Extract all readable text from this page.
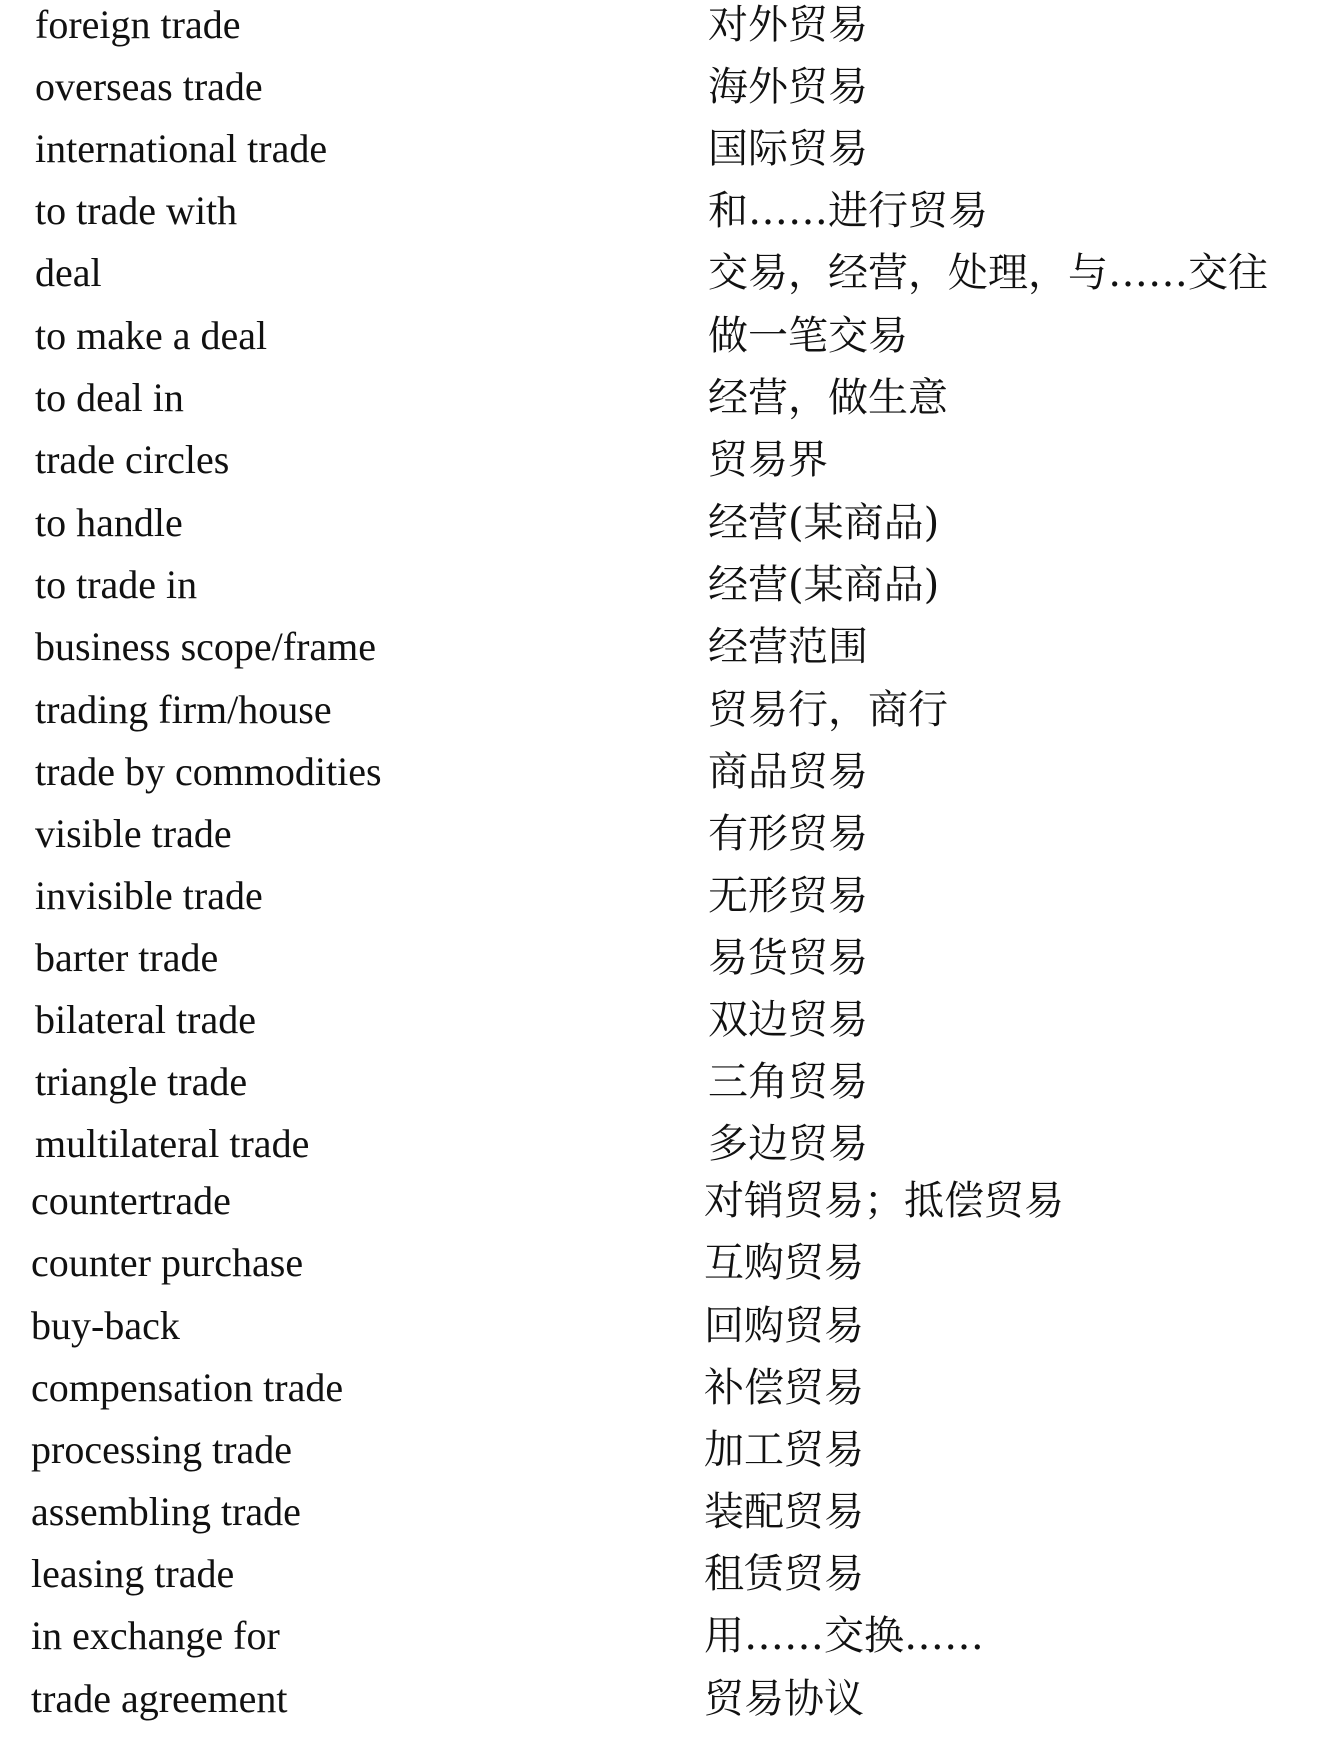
foreign trade	对外贸易
overseas trade	海外贸易
international trade	国际贸易
to trade with	和……进行贸易
deal	交易，经营，处理，与……交往
to make a deal	做一笔交易
to deal in	经营，做生意
trade circles	贸易界
to handle	经营(某商品)
to trade in	经营(某商品)
business scope/frame	经营范围
trading firm/house	贸易行，商行
trade by commodities	商品贸易
visible trade	有形贸易
invisible trade	无形贸易
barter trade	易货贸易
bilateral trade	双边贸易
triangle trade	三角贸易
multilateral trade	多边贸易
countertrade	对销贸易；抵偿贸易
counter purchase	互购贸易
buy-back	回购贸易
compensation trade	补偿贸易
processing trade	加工贸易
assembling trade	装配贸易
leasing trade	租赁贸易
in exchange for	用……交换……
trade agreement	贸易协议
